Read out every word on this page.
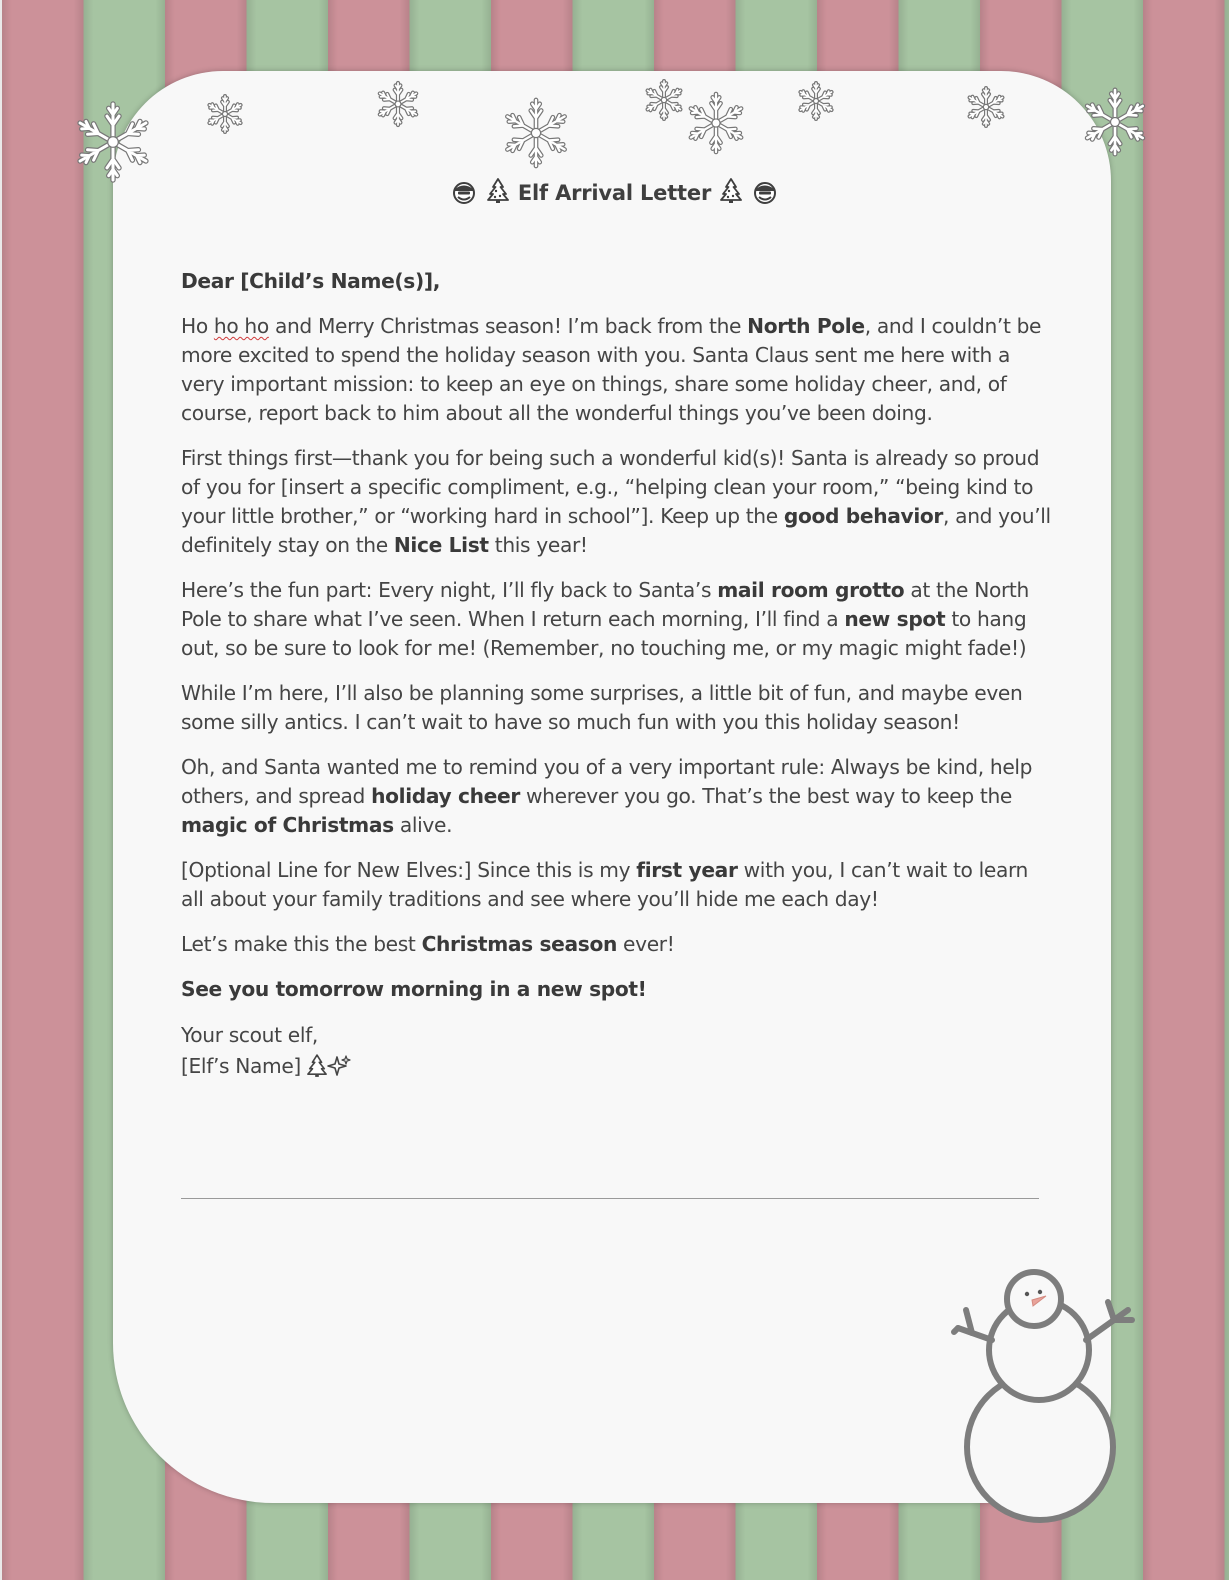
Elf Arrival Letter

Dear [Child’s Name(s)],

Ho ho ho and Merry Christmas season! I’m back from the North Pole, and I couldn’t be more excited to spend the holiday season with you. Santa Claus sent me here with a very important mission: to keep an eye on things, share some holiday cheer, and, of course, report back to him about all the wonderful things you’ve been doing.

First things first—thank you for being such a wonderful kid(s)! Santa is already so proud of you for [insert a specific compliment, e.g., “helping clean your room,” “being kind to your little brother,” or “working hard in school”]. Keep up the good behavior, and you’ll definitely stay on the Nice List this year!

Here’s the fun part: Every night, I’ll fly back to Santa’s mail room grotto at the North Pole to share what I’ve seen. When I return each morning, I’ll find a new spot to hang out, so be sure to look for me! (Remember, no touching me, or my magic might fade!)

While I’m here, I’ll also be planning some surprises, a little bit of fun, and maybe even some silly antics. I can’t wait to have so much fun with you this holiday season!

Oh, and Santa wanted me to remind you of a very important rule: Always be kind, help others, and spread holiday cheer wherever you go. That’s the best way to keep the magic of Christmas alive.

[Optional Line for New Elves:] Since this is my first year with you, I can’t wait to learn all about your family traditions and see where you’ll hide me each day!

Let’s make this the best Christmas season ever!

See you tomorrow morning in a new spot!

Your scout elf,
[Elf’s Name]
